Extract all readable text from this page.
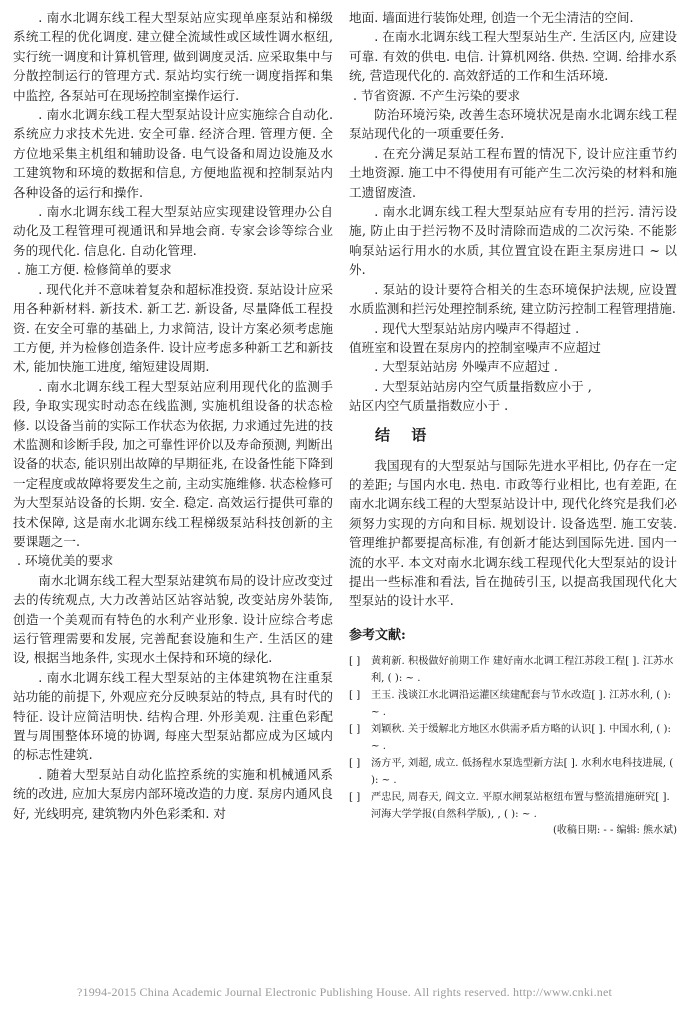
. 南水北调东线工程大型泵站应实现单座泵站和梯级系统工程的优化调度. 建立健全流域性或区域性调水枢纽, 实行统一调度和计算机管理, 做到调度灵活. 应采取集中与分散控制运行的管理方式. 泵站均实行统一调度指挥和集中监控, 各泵站可在现场控制室操作运行.

. 南水北调东线工程大型泵站设计应实施综合自动化. 系统应力求技术先进. 安全可靠. 经济合理. 管理方便. 全方位地采集主机组和辅助设备. 电气设备和周边设施及水工建筑物和环境的数据和信息, 方便地监视和控制泵站内各种设备的运行和操作.

. 南水北调东线工程大型泵站应实现建设管理办公自动化及工程管理可视通讯和异地会商. 专家会诊等综合业务的现代化. 信息化. 自动化管理.

. 施工方便. 检修简单的要求

. 现代化并不意味着复杂和超标准投资. 泵站设计应采用各种新材料. 新技术. 新工艺. 新设备, 尽量降低工程投资. 在安全可靠的基础上, 力求简洁, 设计方案必须考虑施工方便, 并为检修创造条件. 设计应考虑多种新工艺和新技术, 能加快施工进度, 缩短建设周期.

. 南水北调东线工程大型泵站应利用现代化的监测手段, 争取实现实时动态在线监测, 实施机组设备的状态检修. 以设备当前的实际工作状态为依据, 力求通过先进的技术监测和诊断手段, 加之可靠性评价以及寿命预测, 判断出设备的状态, 能识别出故障的早期征兆, 在设备性能下降到一定程度或故障将要发生之前, 主动实施维修. 状态检修可为大型泵站设备的长期. 安全. 稳定. 高效运行提供可靠的技术保障, 这是南水北调东线工程梯级泵站科技创新的主要课题之一.

. 环境优美的要求

南水北调东线工程大型泵站建筑布局的设计应改变过去的传统观点, 大力改善站区站容站貌, 改变站房外装饰, 创造一个美观而有特色的水利产业形象. 设计应综合考虑运行管理需要和发展, 完善配套设施和生产. 生活区的建设, 根据当地条件, 实现水土保持和环境的绿化.

. 南水北调东线工程大型泵站的主体建筑物在注重泵站功能的前提下, 外观应充分反映泵站的特点, 具有时代的特征. 设计应简洁明快. 结构合理. 外形美观. 注重色彩配置与周围整体环境的协调, 每座大型泵站都应成为区域内的标志性建筑.

. 随着大型泵站自动化监控系统的实施和机械通风系统的改进, 应加大泵房内部环境改造的力度. 泵房内通风良好, 光线明亮, 建筑物内外色彩柔和. 对

地面. 墙面进行装饰处理, 创造一个无尘清洁的空间.

. 在南水北调东线工程大型泵站生产. 生活区内, 应建设可靠. 有效的供电. 电信. 计算机网络. 供热. 空调. 给排水系统, 营造现代化的. 高效舒适的工作和生活环境.

. 节省资源. 不产生污染的要求

防治环境污染, 改善生态环境状况是南水北调东线工程泵站现代化的一项重要任务.

. 在充分满足泵站工程布置的情况下, 设计应注重节约土地资源. 施工中不得使用有可能产生二次污染的材料和施工遗留废渣.

. 南水北调东线工程大型泵站应有专用的拦污. 清污设施, 防止由于拦污物不及时清除而造成的二次污染. 不能影响泵站运行用水的水质, 其位置宜设在距主泵房进口 ~ 以外.

. 泵站的设计要符合相关的生态环境保护法规, 应设置水质监测和拦污处理控制系统, 建立防污控制工程管理措施.

. 现代大型泵站站房内噪声不得超过 .

值班室和设置在泵房内的控制室噪声不应超过

. 大型泵站站房 外噪声不应超过 .

. 大型泵站站房内空气质量指数应小于 ,

站区内空气质量指数应小于 .

结 语

我国现有的大型泵站与国际先进水平相比, 仍存在一定的差距; 与国内水电. 热电. 市政等行业相比, 也有差距, 在南水北调东线工程的大型泵站设计中, 现代化终究是我们必须努力实现的方向和目标. 规划设计. 设备选型. 施工安装. 管理维护都要提高标准, 有创新才能达到国际先进. 国内一流的水平. 本文对南水北调东线工程现代化大型泵站的设计提出一些标准和看法, 旨在抛砖引玉, 以提高我国现代化大型泵站的设计水平.

参考文献:
[ ] 黄莉新. 积极做好前期工作 建好南水北调工程江苏段工程[ ]. 江苏水利, ( ): ~ .
[ ] 王玉. 浅谈江水北调沿运灌区续建配套与节水改造[ ]. 江苏水利, ( ): ~ .
[ ] 刘颖秋. 关于缓解北方地区水供需矛盾方略的认识[ ]. 中国水利, ( ): ~ .
[ ] 汤方平, 刘超, 成立. 低扬程水泵选型新方法[ ]. 水利水电科技进展, ( ): ~ .
[ ] 严忠民, 周春天, 阎文立. 平原水闸泵站枢纽布置与整流措施研究[ ]. 河海大学学报(自然科学版), , ( ): ~ .
(收稿日期: - - 编辑: 熊水斌)
?1994-2015 China Academic Journal Electronic Publishing House. All rights reserved. http://www.cnki.net
